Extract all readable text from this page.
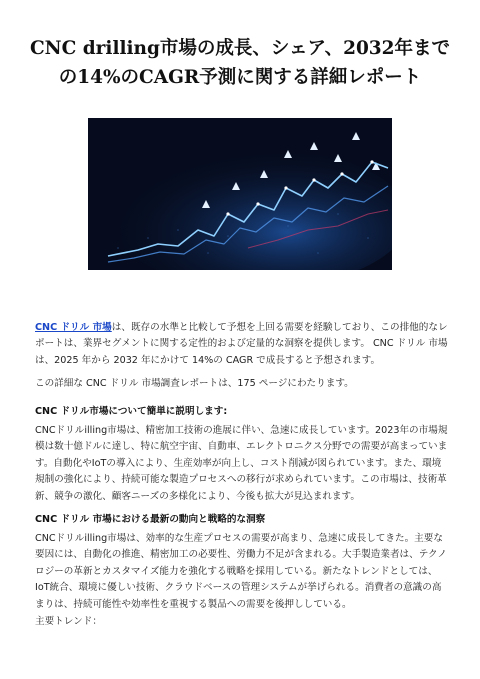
CNC drilling市場の成長、シェア、2032年までの14%のCAGR予測に関する詳細レポート

CNC ドリル 市場は、既存の水準と比較して予想を上回る需要を経験しており、この排他的なレポートは、業界セグメントに関する定性的および定量的な洞察を提供します。 CNC ドリル 市場は、2025 年から 2032 年にかけて 14%の CAGR で成長すると予想されます。

この詳細な CNC ドリル 市場調査レポートは、175 ページにわたります。

CNC ドリル市場について簡単に説明します:

CNCドリルilling市場は、精密加工技術の進展に伴い、急速に成長しています。2023年の市場規模は数十億ドルに達し、特に航空宇宙、自動車、エレクトロニクス分野での需要が高まっています。自動化やIoTの導入により、生産効率が向上し、コスト削減が図られています。また、環境規制の強化により、持続可能な製造プロセスへの移行が求められています。この市場は、技術革新、競争の激化、顧客ニーズの多様化により、今後も拡大が見込まれます。

CNC ドリル 市場における最新の動向と戦略的な洞察

CNCドリルilling市場は、効率的な生産プロセスの需要が高まり、急速に成長してきた。主要な要因には、自動化の推進、精密加工の必要性、労働力不足が含まれる。大手製造業者は、テクノロジーの革新とカスタマイズ能力を強化する戦略を採用している。新たなトレンドとしては、IoT統合、環境に優しい技術、クラウドベースの管理システムが挙げられる。消費者の意識の高まりは、持続可能性や効率性を重視する製品への需要を後押ししている。

主要トレンド：
